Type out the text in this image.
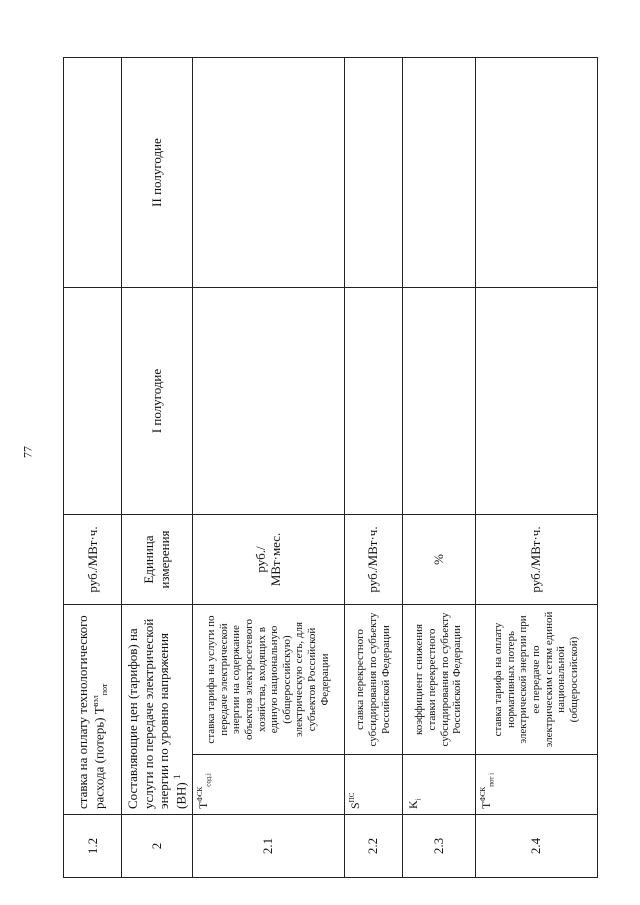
77
1.2	ставка на оплату технологического расхода (потерь) $Т^{вэл}_{пот}$		руб./МВт·ч.		
2	Составляющие цен (тарифов) на услуги по передаче электрической энергии по уровню напряжения (ВН) $^1$		Единица измерения	I полугодие	II полугодие
2.1	$Т^{ФСК}_{сод,i}$	ставка тарифа на услуги по передаче электрической энергии на содержание объектов электросетевого хозяйства, входящих в единую национальную (общероссийскую) электрическую сеть, для субъектов Российской Федерации	руб./МВт·мес.		
2.2	$S^{ПС}$	ставка перекрестного субсидирования по субъекту Российской Федерации	руб./МВт·ч.		
2.3	$K_i$	коэффициент снижения ставки перекрестного субсидирования по субъекту Российской Федерации	%		
2.4	$Т^{ФСК}_{пот i}$	ставка тарифа на оплату нормативных потерь электрической энергии при ее передаче по электрическим сетям единой национальной (общероссийской)	руб./МВт·ч.		
